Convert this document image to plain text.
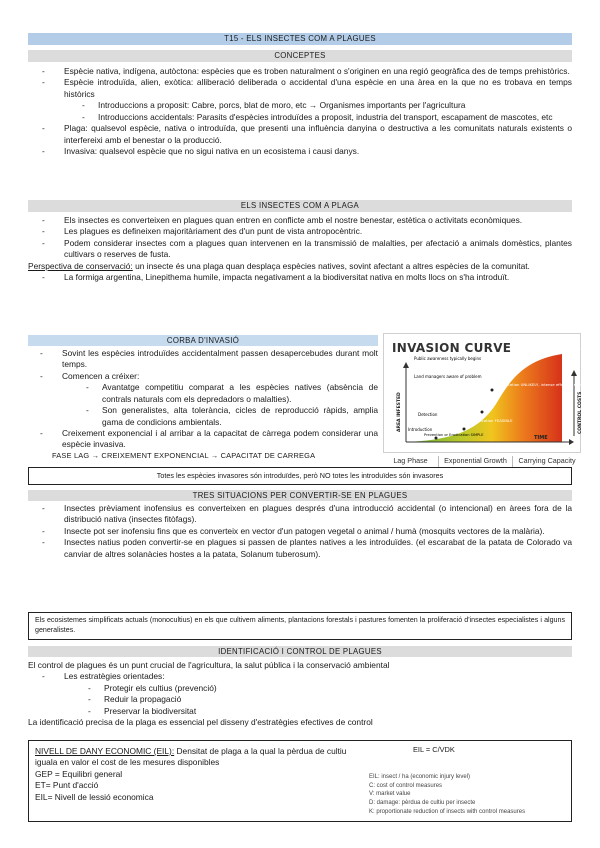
T15 - ELS INSECTES COM A PLAGUES
CONCEPTES
- Espècie nativa, indígena, autòctona: espècies que es troben naturalment o s'originen en una regió geogràfica des de temps prehistòrics.
- Espècie introduïda, alien, exòtica: alliberació deliberada o accidental d'una espècie en una àrea en la que no es trobava en temps històrics
- Introduccions a proposit: Cabre, porcs, blat de moro, etc → Organismes importants per l'agricultura
- Introduccions accidentals: Parasits d'espècies introduïdes a proposit, industria del transport, escapament de mascotes, etc
- Plaga: qualsevol espècie, nativa o introduïda, que presenti una influència danyina o destructiva a les comunitats naturals existents o interfereixi amb el benestar o la producció.
- Invasiva: qualsevol espècie que no sigui nativa en un ecosistema i causi danys.
ELS INSECTES COM A PLAGA
- Els insectes es converteixen en plagues quan entren en conflicte amb el nostre benestar, estètica o activitats econòmiques.
- Les plagues es defineixen majoritàriament des d'un punt de vista antropocèntric.
- Podem considerar insectes com a plagues quan intervenen en la transmissió de malalties, per afectació a animals domèstics, plantes cultivars o reserves de fusta.
Perspectiva de conservació: un insecte és una plaga quan desplaça espècies natives, sovint afectant a altres espècies de la comunitat.
- La formiga argentina, Linepithema humile, impacta negativament a la biodiversitat nativa en molts llocs on s'ha introduït.
CORBA D'INVASIÓ
- Sovint les espècies introduïdes accidentalment passen desapercebudes durant molt temps.
- Comencen a créixer:
- Avantatge competitiu comparat a les espècies natives (absència de contrals naturals com els depredadors o malalties).
- Son generalistes, alta tolerància, cicles de reproducció ràpids, amplia gama de condicions ambientals.
- Creixement exponencial i al arribar a la capacitat de càrrega podem considerar una espècie invasiva.
FASE LAG → CREIXEMENT EXPONENCIAL → CAPACITAT DE CARREGA
Public awareness typically begins
Land managers aware of problem
Cost control and management ONLY
Eradication UNLIKELY, intense effort required
Eradication FEASIBLE
Detection
Prevention or Eradication SIMPLE
Introduction
TIME
AREA INFESTED	CONTROL COSTS
INVASION CURVE
Lag Phase	Exponential Growth	Carrying Capacity
Totes les espècies invasores són introduïdes, però NO totes les introduïdes són invasores
TRES SITUACIONS PER CONVERTIR-SE EN PLAGUES
- Insectes prèviament inofensius es converteixen en plagues després d'una introducció accidental (o intencional) en àrees fora de la distribució nativa (insectes fitòfags).
- Insecte pot ser inofensiu fins que es converteix en vector d'un patogen vegetal o animal / humà (mosquits vectores de la malària).
- Insectes natius poden convertir-se en plagues si passen de plantes natives a les introduïdes. (el escarabat de la patata de Colorado va canviar de altres solanàcies hostes a la patata, Solanum tuberosum).
Els ecosistemes simplificats actuals (monocultius) en els que cultivem aliments, plantacions forestals i pastures fomenten la proliferació d'insectes especialistes i alguns generalistes.
IDENTIFICACIÓ I CONTROL DE PLAGUES
El control de plagues és un punt crucial de l'agricultura, la salut pública i la conservació ambiental
- Les estratègies orientades:
- Protegir els cultius (prevenció)
- Reduir la propagació
- Preservar la biodiversitat
La identificació precisa de la plaga es essencial pel disseny d'estratègies efectives de control
NIVELL DE DANY ECONOMIC (EIL): Densitat de plaga a la qual la pèrdua de cultiu iguala en valor el cost de les mesures disponibles
GEP = Equilibri general
ET= Punt d'acció
EIL= Nivell de lessió economica
EIL = C/VDK
EIL: insect / ha (economic injury level)
C: cost of control measures
V: market value
D: damage: pèrdua de cultiu per insecte
K: proportionate reduction of insects with control measures
